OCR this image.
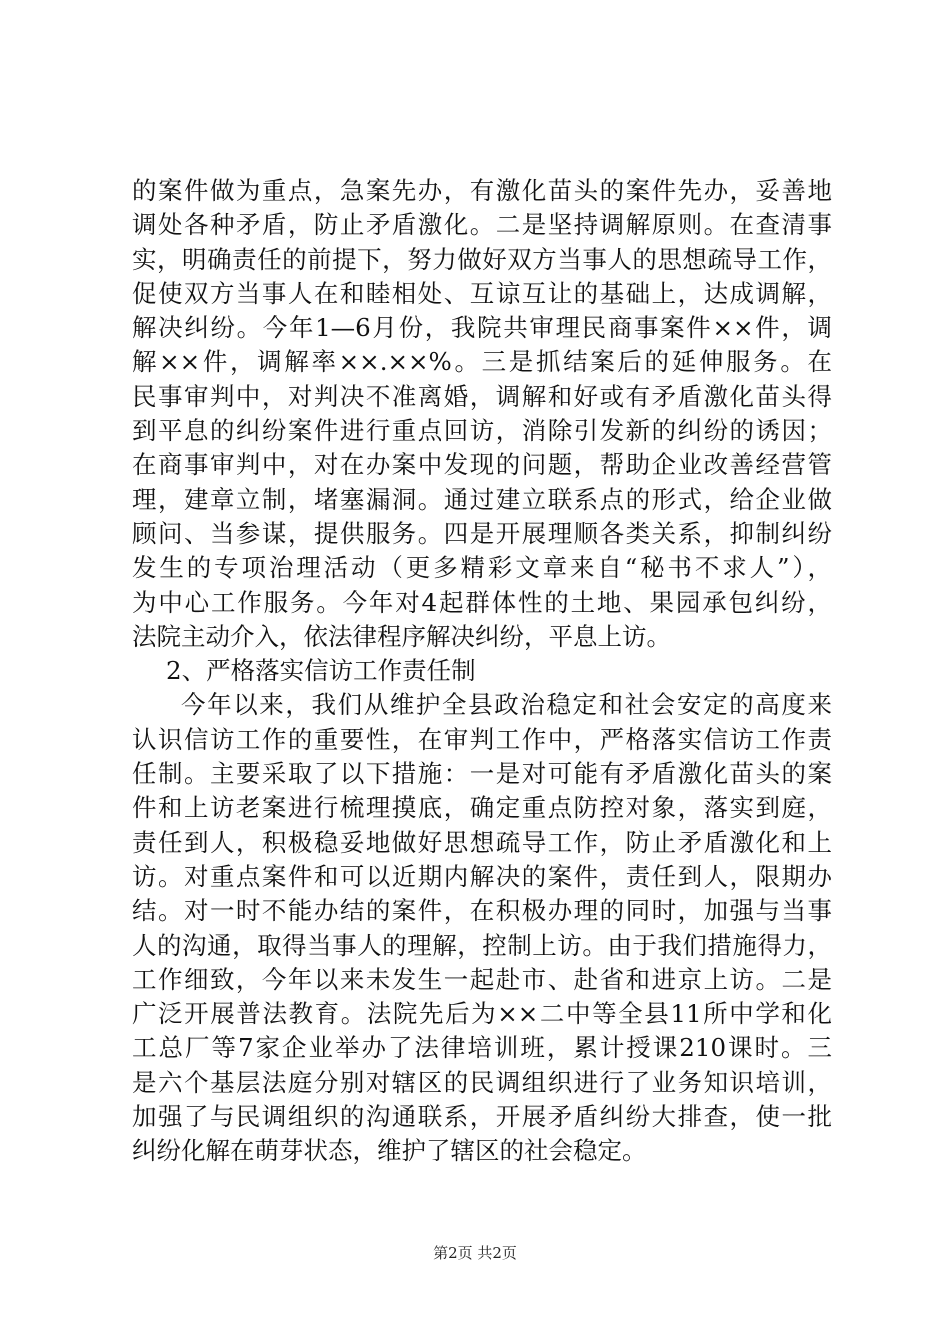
的案件做为重点，急案先办，有激化苗头的案件先办，妥善地
调处各种矛盾，防止矛盾激化。二是坚持调解原则。在查清事
实，明确责任的前提下，努力做好双方当事人的思想疏导工作，
促使双方当事人在和睦相处、互谅互让的基础上，达成调解，
解决纠纷。今年1—6月份，我院共审理民商事案件××件，调
解××件，调解率××.××%。三是抓结案后的延伸服务。在
民事审判中，对判决不准离婚，调解和好或有矛盾激化苗头得
到平息的纠纷案件进行重点回访，消除引发新的纠纷的诱因；
在商事审判中，对在办案中发现的问题，帮助企业改善经营管
理，建章立制，堵塞漏洞。通过建立联系点的形式，给企业做
顾问、当参谋，提供服务。四是开展理顺各类关系，抑制纠纷
发生的专项治理活动（更多精彩文章来自“秘书不求人”），
为中心工作服务。今年对4起群体性的土地、果园承包纠纷，
法院主动介入，依法律程序解决纠纷，平息上访。
2、严格落实信访工作责任制
今年以来，我们从维护全县政治稳定和社会安定的高度来
认识信访工作的重要性，在审判工作中，严格落实信访工作责
任制。主要采取了以下措施：一是对可能有矛盾激化苗头的案
件和上访老案进行梳理摸底，确定重点防控对象，落实到庭，
责任到人，积极稳妥地做好思想疏导工作，防止矛盾激化和上
访。对重点案件和可以近期内解决的案件，责任到人，限期办
结。对一时不能办结的案件，在积极办理的同时，加强与当事
人的沟通，取得当事人的理解，控制上访。由于我们措施得力，
工作细致，今年以来未发生一起赴市、赴省和进京上访。二是
广泛开展普法教育。法院先后为××二中等全县11所中学和化
工总厂等7家企业举办了法律培训班，累计授课210课时。三
是六个基层法庭分别对辖区的民调组织进行了业务知识培训，
加强了与民调组织的沟通联系，开展矛盾纠纷大排查，使一批
纠纷化解在萌芽状态，维护了辖区的社会稳定。
第2页 共2页
